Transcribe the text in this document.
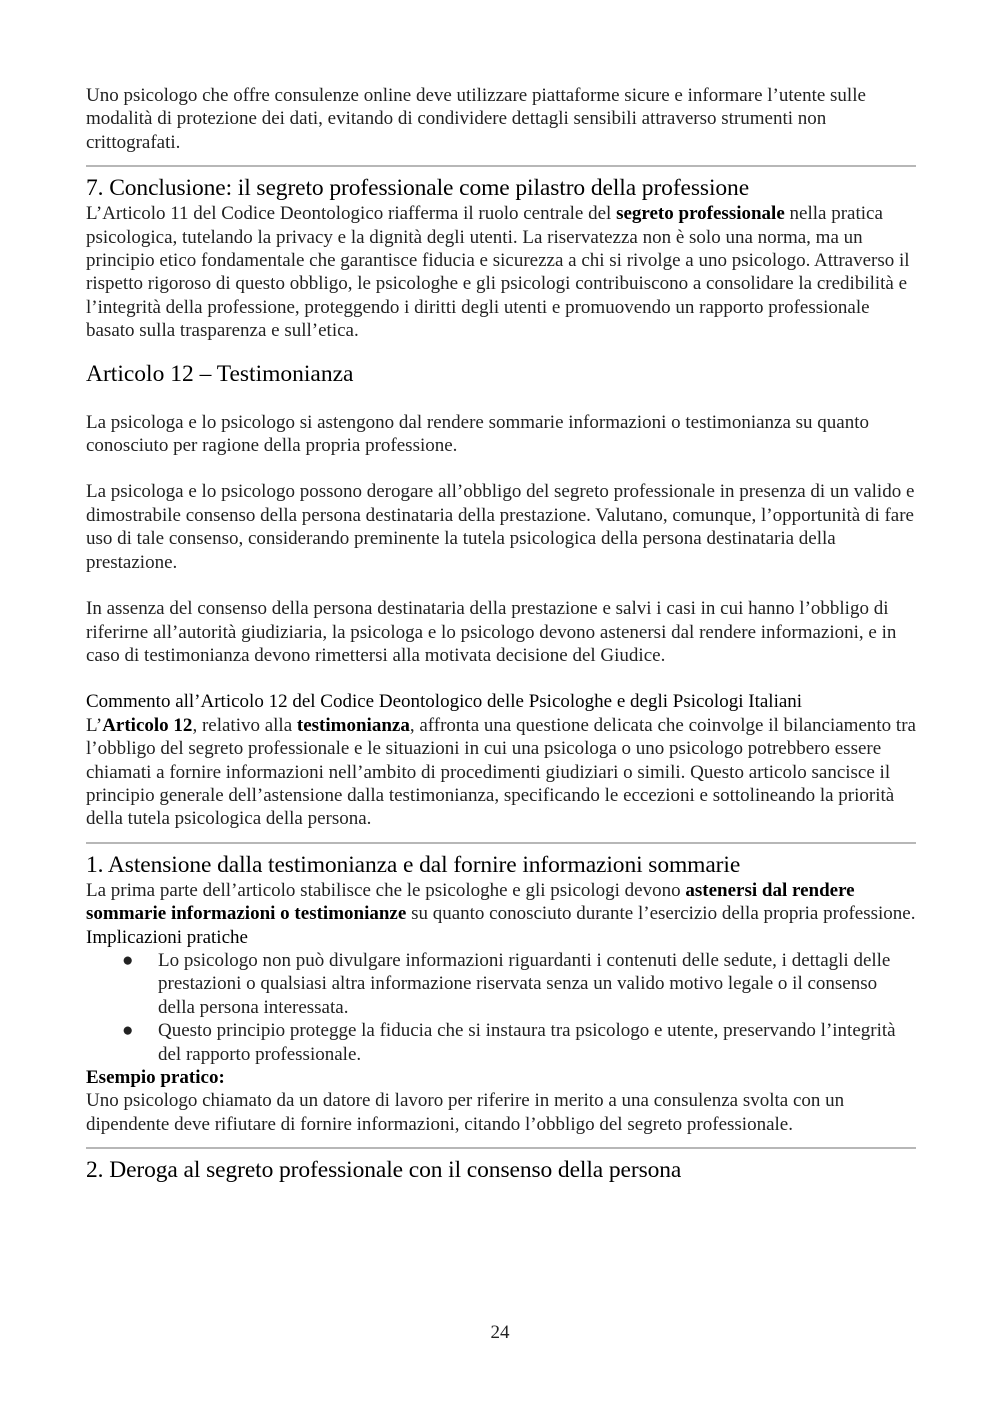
Uno psicologo che offre consulenze online deve utilizzare piattaforme sicure e informare l’utente sulle modalità di protezione dei dati, evitando di condividere dettagli sensibili attraverso strumenti non crittografati.

7. Conclusione: il segreto professionale come pilastro della professione

L’Articolo 11 del Codice Deontologico riafferma il ruolo centrale del segreto professionale nella pratica psicologica, tutelando la privacy e la dignità degli utenti. La riservatezza non è solo una norma, ma un principio etico fondamentale che garantisce fiducia e sicurezza a chi si rivolge a uno psicologo. Attraverso il rispetto rigoroso di questo obbligo, le psicologhe e gli psicologi contribuiscono a consolidare la credibilità e l’integrità della professione, proteggendo i diritti degli utenti e promuovendo un rapporto professionale basato sulla trasparenza e sull’etica.

Articolo 12 – Testimonianza

La psicologa e lo psicologo si astengono dal rendere sommarie informazioni o testimonianza su quanto conosciuto per ragione della propria professione.

La psicologa e lo psicologo possono derogare all’obbligo del segreto professionale in presenza di un valido e dimostrabile consenso della persona destinataria della prestazione. Valutano, comunque, l’opportunità di fare uso di tale consenso, considerando preminente la tutela psicologica della persona destinataria della prestazione.

In assenza del consenso della persona destinataria della prestazione e salvi i casi in cui hanno l’obbligo di riferirne all’autorità giudiziaria, la psicologa e lo psicologo devono astenersi dal rendere informazioni, e in caso di testimonianza devono rimettersi alla motivata decisione del Giudice.

Commento all’Articolo 12 del Codice Deontologico delle Psicologhe e degli Psicologi Italiani

L’Articolo 12, relativo alla testimonianza, affronta una questione delicata che coinvolge il bilanciamento tra l’obbligo del segreto professionale e le situazioni in cui una psicologa o uno psicologo potrebbero essere chiamati a fornire informazioni nell’ambito di procedimenti giudiziari o simili. Questo articolo sancisce il principio generale dell’astensione dalla testimonianza, specificando le eccezioni e sottolineando la priorità della tutela psicologica della persona.

1. Astensione dalla testimonianza e dal fornire informazioni sommarie

La prima parte dell’articolo stabilisce che le psicologhe e gli psicologi devono astenersi dal rendere sommarie informazioni o testimonianze su quanto conosciuto durante l’esercizio della propria professione.

Implicazioni pratiche

● Lo psicologo non può divulgare informazioni riguardanti i contenuti delle sedute, i dettagli delle prestazioni o qualsiasi altra informazione riservata senza un valido motivo legale o il consenso della persona interessata.
● Questo principio protegge la fiducia che si instaura tra psicologo e utente, preservando l’integrità del rapporto professionale.

Esempio pratico:

Uno psicologo chiamato da un datore di lavoro per riferire in merito a una consulenza svolta con un dipendente deve rifiutare di fornire informazioni, citando l’obbligo del segreto professionale.

2. Deroga al segreto professionale con il consenso della persona
24
